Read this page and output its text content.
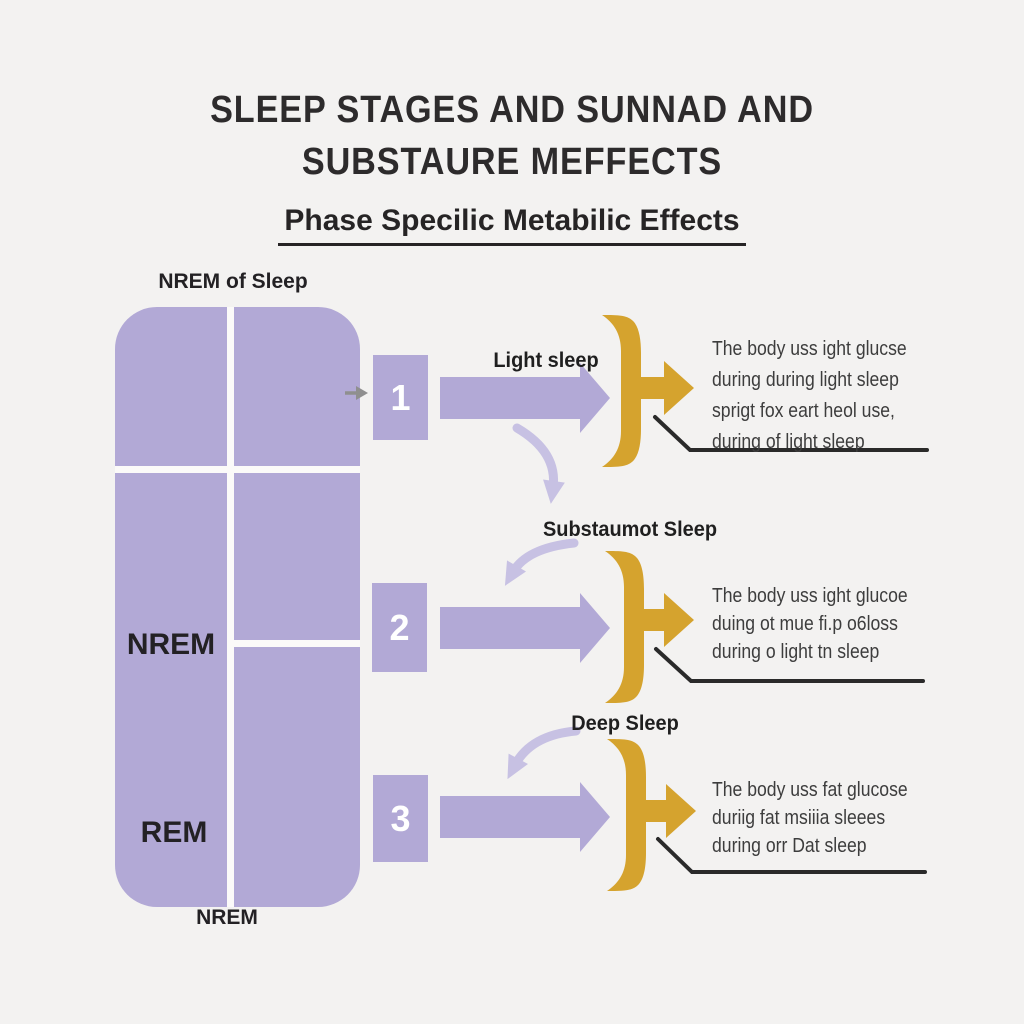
SLEEP STAGES AND SUNNAD AND
SUBSTAURE MEFFECTS
Phase Specilic Metabilic Effects
NREM of Sleep
NREM
REM
NREM
1
2
3
Light sleep
Substaumot Sleep
Deep Sleep
The body uss ight glucse
during during light sleep
sprigt fox eart heol use,
during of light sleep
The body uss ight glucoe
duing ot mue fi.p o6loss
during o light tn sleep
The body uss fat glucose
duriig fat msiiia sleees
during orr Dat sleep
